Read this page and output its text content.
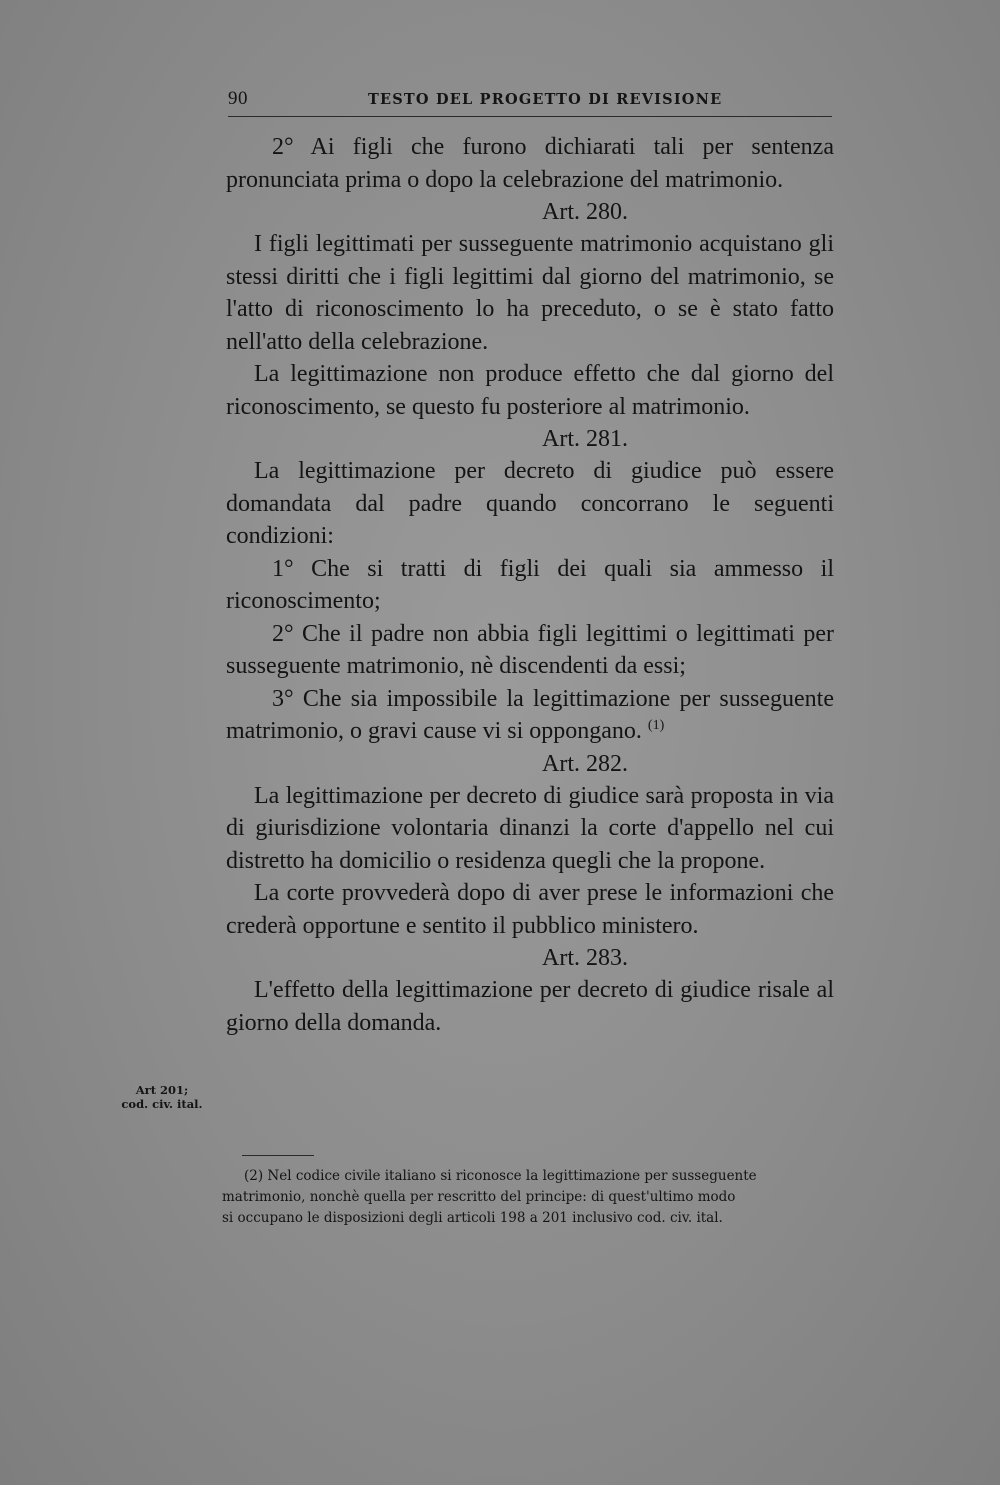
90	TESTO DEL PROGETTO DI REVISIONE

2° Ai figli che furono dichiarati tali per sentenza pronunciata prima o dopo la celebrazione del matrimonio.

Art. 280.

I figli legittimati per susseguente matrimonio acquistano gli stessi diritti che i figli legittimi dal giorno del matrimonio, se l'atto di riconoscimento lo ha preceduto, o se è stato fatto nell'atto della celebrazione.

La legittimazione non produce effetto che dal giorno del riconoscimento, se questo fu posteriore al matrimonio.

Art. 281.

La legittimazione per decreto di giudice può essere domandata dal padre quando concorrano le seguenti condizioni:

1° Che si tratti di figli dei quali sia ammesso il riconoscimento;

2° Che il padre non abbia figli legittimi o legittimati per susseguente matrimonio, nè discendenti da essi;

3° Che sia impossibile la legittimazione per susseguente matrimonio, o gravi cause vi si oppongano. $^{(1)}$

Art. 282.

La legittimazione per decreto di giudice sarà proposta in via di giurisdizione volontaria dinanzi la corte d'appello nel cui distretto ha domicilio o residenza quegli che la propone.

La corte provvederà dopo di aver prese le informazioni che crederà opportune e sentito il pubblico ministero.

Art. 283.

L'effetto della legittimazione per decreto di giudice risale al giorno della domanda.

Art 201;
cod. civ. ital.
(2) Nel codice civile italiano si riconosce la legittimazione per susseguente
matrimonio, nonchè quella per rescritto del principe: di quest'ultimo modo
si occupano le disposizioni degli articoli 198 a 201 inclusivo cod. civ. ital.
